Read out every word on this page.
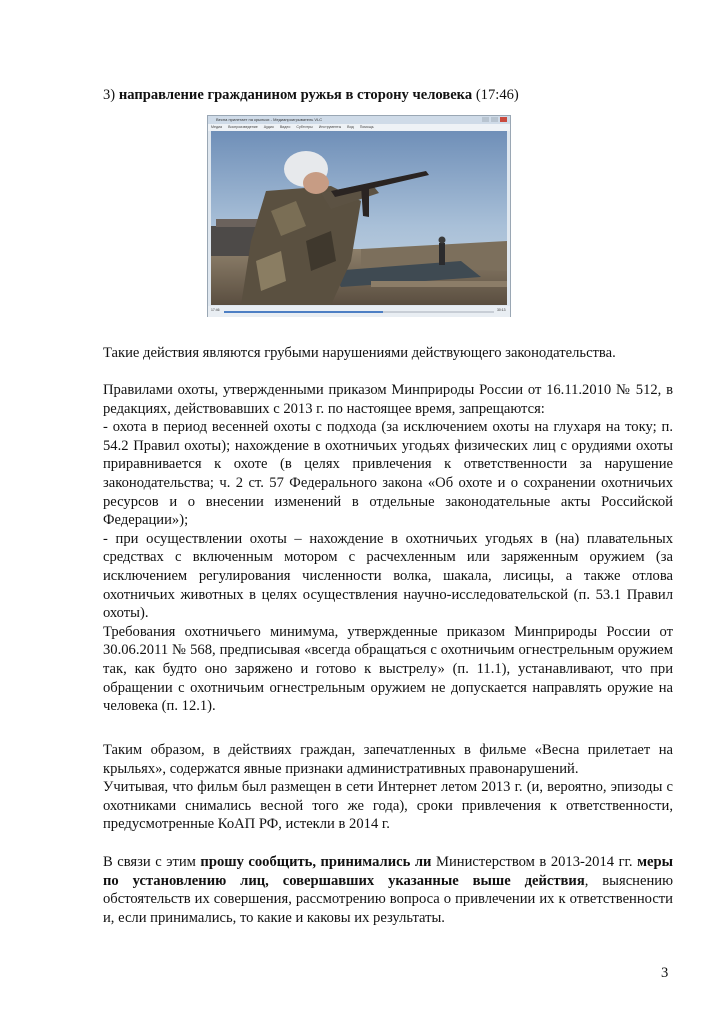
3) направление гражданином ружья в сторону человека (17:46)
Весна прилетает на крыльях - Медиапроигрыватель VLC
Медиа Воспроизведение Аудио Видео Субтитры Инструменты Вид Помощь
17:46	30:13

Такие действия являются грубыми нарушениями действующего законодательства.

Правилами охоты, утвержденными приказом Минприроды России от 16.11.2010 № 512, в редакциях, действовавших с 2013 г. по настоящее время, запрещаются:

- охота в период весенней охоты с подхода (за исключением охоты на глухаря на току; п. 54.2 Правил охоты); нахождение в охотничьих угодьях физических лиц с орудиями охоты приравнивается к охоте (в целях привлечения к ответственности за нарушение законодательства; ч. 2 ст. 57 Федерального закона «Об охоте и о сохранении охотничьих ресурсов и о внесении изменений в отдельные законодательные акты Российской Федерации»);

- при осуществлении охоты – нахождение в охотничьих угодьях в (на) плавательных средствах с включенным мотором с расчехленным или заряженным оружием (за исключением регулирования численности волка, шакала, лисицы, а также отлова охотничьих животных в целях осуществления научно-исследовательской (п. 53.1 Правил охоты).

Требования охотничьего минимума, утвержденные приказом Минприроды России от 30.06.2011 № 568, предписывая «всегда обращаться с охотничьим огнестрельным оружием так, как будто оно заряжено и готово к выстрелу» (п. 11.1), устанавливают, что при обращении с охотничьим огнестрельным оружием не допускается направлять оружие на человека (п. 12.1).

Таким образом, в действиях граждан, запечатленных в фильме «Весна прилетает на крыльях», содержатся явные признаки административных правонарушений.

Учитывая, что фильм был размещен в сети Интернет летом 2013 г. (и, вероятно, эпизоды с охотниками снимались весной того же года), сроки привлечения к ответственности, предусмотренные КоАП РФ, истекли в 2014 г.

В связи с этим прошу сообщить, принимались ли Министерством в 2013-2014 гг. меры по установлению лиц, совершавших указанные выше действия, выяснению обстоятельств их совершения, рассмотрению вопроса о привлечении их к ответственности и, если принимались, то какие и каковы их результаты.

3
